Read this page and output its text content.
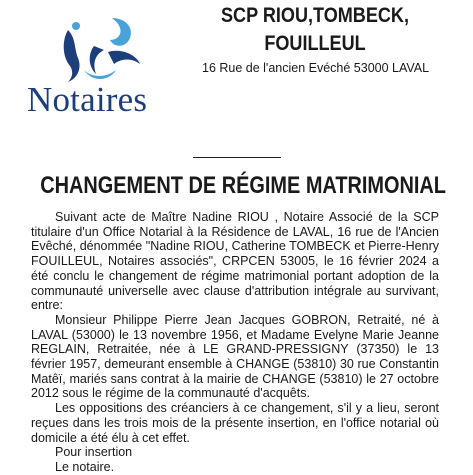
Notaires

SCP RIOU,TOMBECK,
FOUILLEUL

16 Rue de l'ancien Evéché 53000 LAVAL
CHANGEMENT DE RÉGIME MATRIMONIAL

Suivant acte de Maître Nadine RIOU , Notaire Associé de la SCP titulaire d'un Office Notarial à la Résidence de LAVAL, 16 rue de l'Ancien Evêché, dénommée "Nadine RIOU, Catherine TOMBECK et Pierre-Henry FOUILLEUL, Notaires associés", CRPCEN 53005, le 16 février 2024 a été conclu le changement de régime matrimonial portant adoption de la communauté universelle avec clause d'attribution intégrale au survivant, entre:

Monsieur Philippe Pierre Jean Jacques GOBRON, Retraité, né à LAVAL (53000) le 13 novembre 1956, et Madame Evelyne Marie Jeanne REGLAIN, Retraitée, née à LE GRAND-PRESSIGNY (37350) le 13 février 1957, demeurant ensemble à CHANGE (53810) 30 rue Constantin Matêï, mariés sans contrat à la mairie de CHANGE (53810) le 27 octobre 2012 sous le régime de la communauté d'acquêts.

Les oppositions des créanciers à ce changement, s'il y a lieu, seront reçues dans les trois mois de la présente insertion, en l'office notarial où domicile a été élu à cet effet.

Pour insertion

Le notaire.
